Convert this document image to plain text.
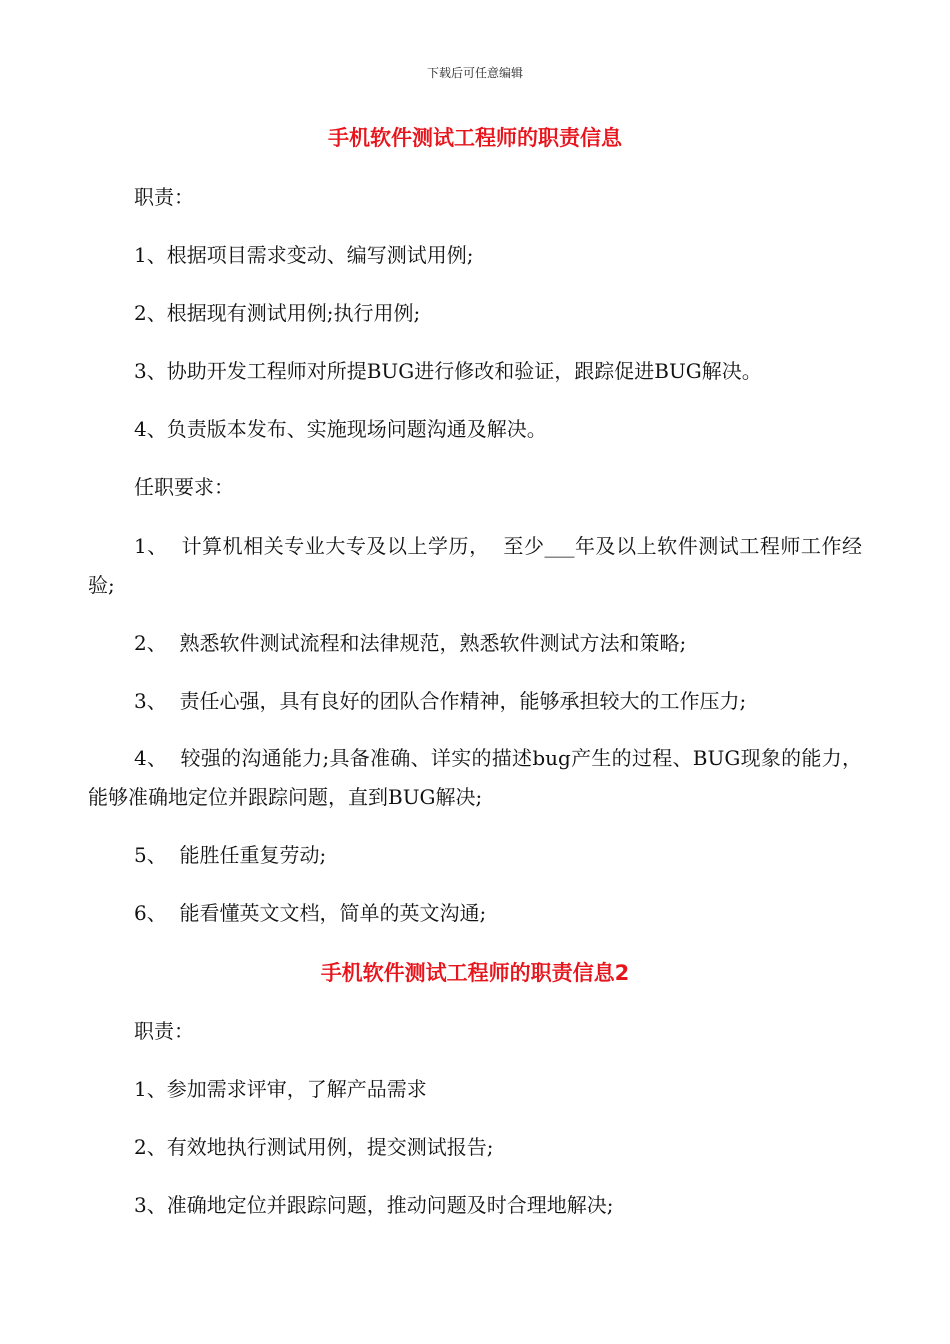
下载后可任意编辑
手机软件测试工程师的职责信息
职责：
1、根据项目需求变动、编写测试用例;
2、根据现有测试用例;执行用例;
3、协助开发工程师对所提BUG进行修改和验证，跟踪促进BUG解决。
4、负责版本发布、实施现场问题沟通及解决。
任职要求：
1、  计算机相关专业大专及以上学历，  至少___年及以上软件测试工程师工作经验;
2、  熟悉软件测试流程和法律规范，熟悉软件测试方法和策略;
3、  责任心强，具有良好的团队合作精神，能够承担较大的工作压力;
4、  较强的沟通能力;具备准确、详实的描述bug产生的过程、BUG现象的能力，能够准确地定位并跟踪问题，直到BUG解决;
5、  能胜任重复劳动;
6、  能看懂英文文档，简单的英文沟通;
手机软件测试工程师的职责信息2
职责：
1、参加需求评审，了解产品需求
2、有效地执行测试用例，提交测试报告;
3、准确地定位并跟踪问题，推动问题及时合理地解决;
